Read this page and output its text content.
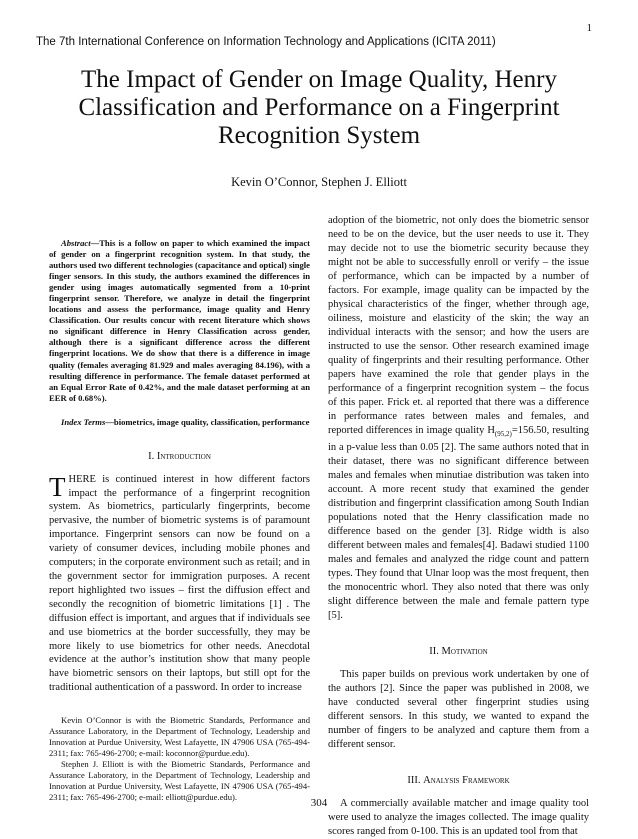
1
The 7th International Conference on Information Technology and Applications (ICITA 2011)
The Impact of Gender on Image Quality, Henry Classification and Performance on a Fingerprint Recognition System
Kevin O’Connor, Stephen J. Elliott

Abstract—This is a follow on paper to which examined the impact of gender on a fingerprint recognition system. In that study, the authors used two different technologies (capacitance and optical) single finger sensors. In this study, the authors examined the differences in gender using images automatically segmented from a 10-print fingerprint sensor. Therefore, we analyze in detail the fingerprint locations and assess the performance, image quality and Henry Classification. Our results concur with recent literature which shows no significant difference in Henry Classification across gender, although there is a significant difference across the different fingerprint locations. We do show that there is a difference in image quality (females averaging 81.929 and males averaging 84.196), with a resulting difference in performance. The female dataset performed at an Equal Error Rate of 0.42%, and the male dataset performing at an EER of 0.68%).

Index Terms—biometrics, image quality, classification, performance

I. Introduction

THERE is continued interest in how different factors impact the performance of a fingerprint recognition system. As biometrics, particularly fingerprints, become pervasive, the number of biometric systems is of paramount importance. Fingerprint sensors can now be found on a variety of consumer devices, including mobile phones and computers; in the corporate environment such as retail; and in the government sector for immigration purposes. A recent report highlighted two issues – first the diffusion effect and secondly the recognition of biometric limitations [1] . The diffusion effect is important, and argues that if individuals see and use biometrics at the border successfully, they may be more likely to use biometrics for other needs. Anecdotal evidence at the author’s institution show that many people have biometric sensors on their laptops, but still opt for the traditional authentication of a password. In order to increase

Kevin O’Connor is with the Biometric Standards, Performance and Assurance Laboratory, in the Department of Technology, Leadership and Innovation at Purdue University, West Lafayette, IN 47906 USA (765-494-2311; fax: 765-496-2700; e-mail: koconnor@purdue.edu).

Stephen J. Elliott is with the Biometric Standards, Performance and Assurance Laboratory, in the Department of Technology, Leadership and Innovation at Purdue University, West Lafayette, IN 47906 USA (765-494-2311; fax: 765-496-2700; e-mail: elliott@purdue.edu).

adoption of the biometric, not only does the biometric sensor need to be on the device, but the user needs to use it. They may decide not to use the biometric security because they might not be able to successfully enroll or verify – the issue of performance, which can be impacted by a number of factors. For example, image quality can be impacted by the physical characteristics of the finger, whether through age, oiliness, moisture and elasticity of the skin; the way an individual interacts with the sensor; and how the users are instructed to use the sensor. Other research examined image quality of fingerprints and their resulting performance. Other papers have examined the role that gender plays in the performance of a fingerprint recognition system – the focus of this paper. Frick et. al reported that there was a difference in performance rates between males and females, and reported differences in image quality $H_{(95,2)}=156.50$, resulting in a p-value less than 0.05 [2]. The same authors noted that in their dataset, there was no significant difference between males and females when minutiae distribution was taken into account. A more recent study that examined the gender distribution and fingerprint classification among South Indian populations noted that the Henry classification made no difference based on the gender [3]. Ridge width is also different between males and females[4]. Badawi studied 1100 males and females and analyzed the ridge count and pattern types. They found that Ulnar loop was the most frequent, then the monocentric whorl. They also noted that there was only slight difference between the male and female pattern type [5].

II. Motivation

This paper builds on previous work undertaken by one of the authors [2]. Since the paper was published in 2008, we have conducted several other fingerprint studies using different sensors. In this study, we wanted to expand the number of fingers to be analyzed and capture them from a different sensor.

III. Analysis Framework

A commercially available matcher and image quality tool were used to analyze the images collected. The image quality scores ranged from 0-100. This is an updated tool from that

304
